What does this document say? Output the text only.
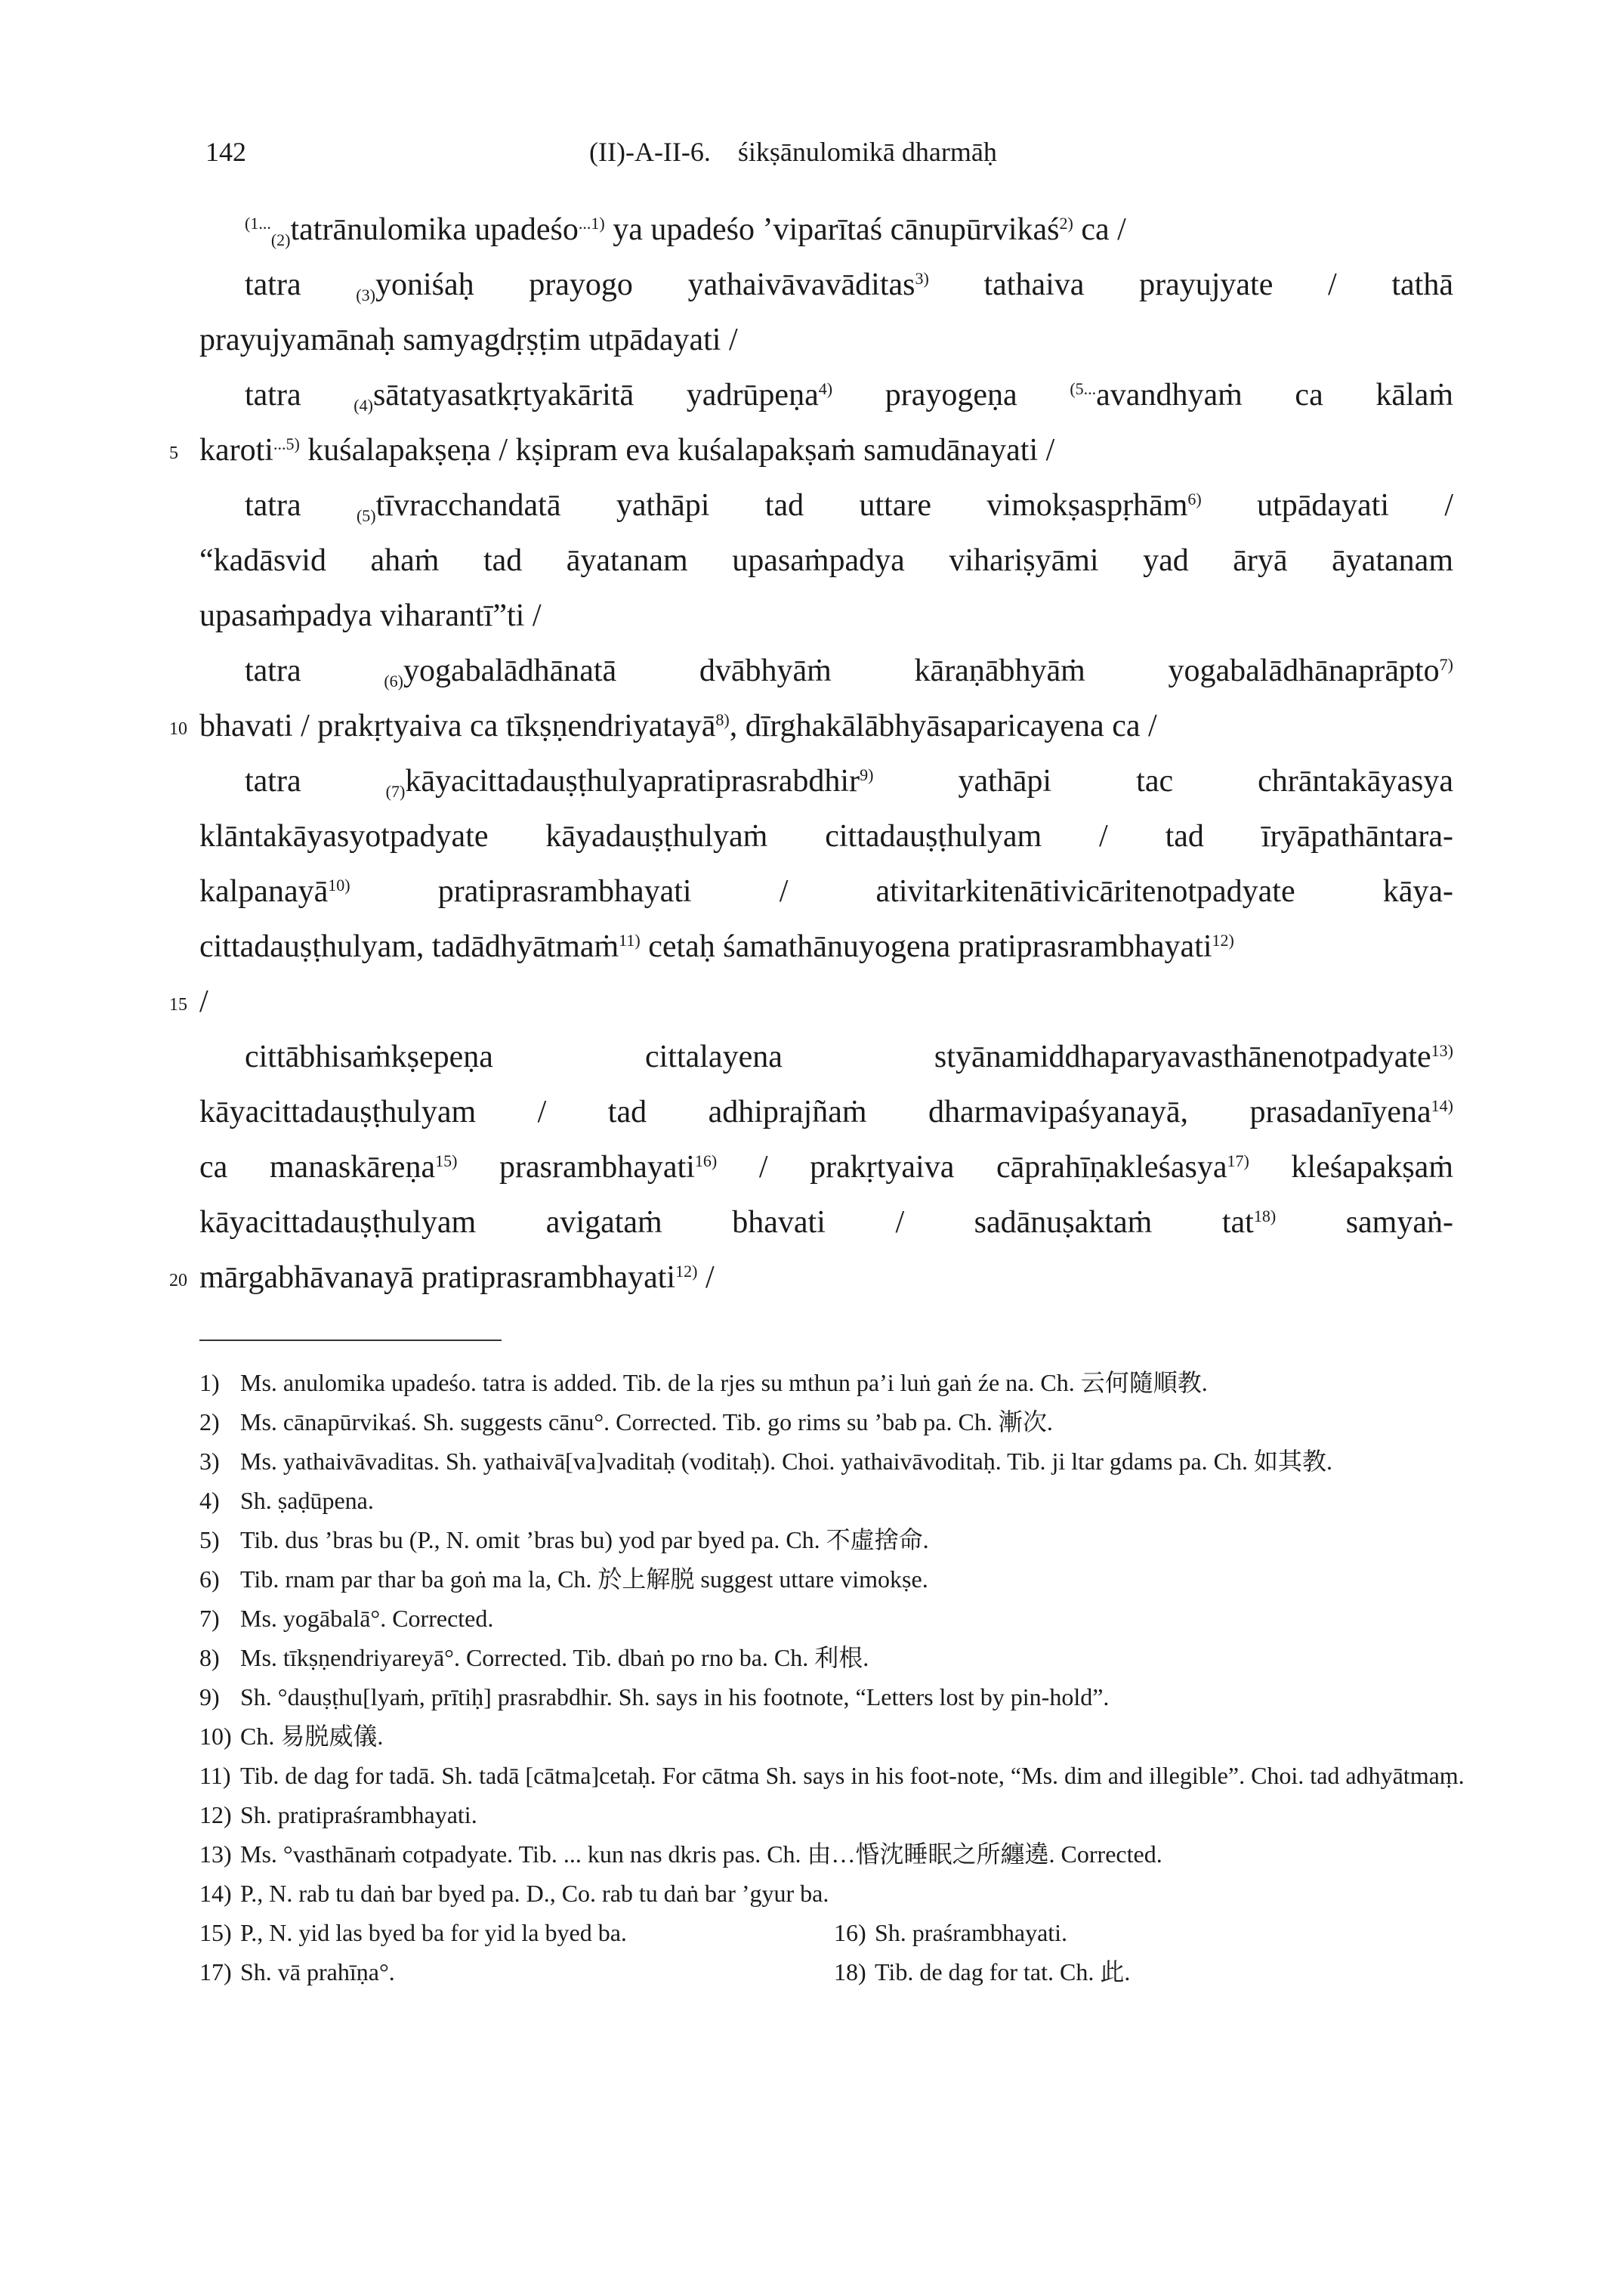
142	(II)-A-II-6.    śikṣānulomikā dharmāḥ
$^{(1...}_{(2)}$tatrānulomika upadeśo$^{...1)}$ ya upadeśo ’viparītaś cānupūrvikaś$^{2)}$ ca /
tatra $_{(3)}$yoniśaḥ prayogo yathaivāvavāditas$^{3)}$ tathaiva prayujyate / tathā
prayujyamānaḥ samyagdṛṣṭim utpādayati /
tatra $_{(4)}$sātatyasatkṛtyakāritā yadrūpeṇa$^{4)}$ prayogeṇa $^{(5...}$avandhyaṁ ca kālaṁ
5 karoti$^{...5)}$ kuśalapakṣeṇa / kṣipram eva kuśalapakṣaṁ samudānayati /
tatra $_{(5)}$tīvracchandatā yathāpi tad uttare vimokṣaspṛhām$^{6)}$ utpādayati /
“kadāsvid ahaṁ tad āyatanam upasaṁpadya vihariṣyāmi yad āryā āyatanam
upasaṁpadya viharantī”ti /
tatra $_{(6)}$yogabalādhānatā dvābhyāṁ kāraṇābhyāṁ yogabalādhānaprāpto$^{7)}$
10 bhavati / prakṛtyaiva ca tīkṣṇendriyatayā$^{8)}$, dīrghakālābhyāsaparicayena ca /
tatra $_{(7)}$kāyacittadauṣṭhulyapratiprasrabdhir$^{9)}$ yathāpi tac chrāntakāyasya
klāntakāyasyotpadyate kāyadauṣṭhulyaṁ cittadauṣṭhulyam / tad īryāpathāntara-
kalpanayā$^{10)}$ pratiprasrambhayati / ativitarkitenātivicāritenotpadyate kāya-
cittadauṣṭhulyam, tadādhyātmaṁ$^{11)}$ cetaḥ śamathānuyogena pratiprasrambhayati$^{12)}$
15 /
cittābhisaṁkṣepeṇa cittalayena styānamiddhaparyavasthānenotpadyate$^{13)}$
kāyacittadauṣṭhulyam / tad adhiprajñaṁ dharmavipaśyanayā, prasadanīyena$^{14)}$
ca manaskāreṇa$^{15)}$ prasrambhayati$^{16)}$ / prakṛtyaiva cāprahīṇakleśasya$^{17)}$ kleśapakṣaṁ
kāyacittadauṣṭhulyam avigataṁ bhavati / sadānuṣaktaṁ tat$^{18)}$ samyaṅ-
20 mārgabhāvanayā pratiprasrambhayati$^{12)}$ /
1) Ms. anulomika upadeśo. tatra is added. Tib. de la rjes su mthun pa’i luṅ gaṅ źe na. Ch. 云何隨順教.
2) Ms. cānapūrvikaś. Sh. suggests cānu°. Corrected. Tib. go rims su ’bab pa. Ch. 漸次.
3) Ms. yathaivāvaditas. Sh. yathaivā[va]vaditaḥ (voditaḥ). Choi. yathaivāvoditaḥ. Tib. ji ltar gdams pa. Ch. 如其教.
4) Sh. ṣaḍūpena.
5) Tib. dus ’bras bu (P., N. omit ’bras bu) yod par byed pa. Ch. 不虛捨命.
6) Tib. rnam par thar ba goṅ ma la, Ch. 於上解脱 suggest uttare vimokṣe.
7) Ms. yogābalā°. Corrected.
8) Ms. tīkṣṇendriyareyā°. Corrected. Tib. dbaṅ po rno ba. Ch. 利根.
9) Sh. °dauṣṭhu[lyaṁ, prītiḥ] prasrabdhir. Sh. says in his footnote, “Letters lost by pin-hold”.
10) Ch. 易脱威儀.
11) Tib. de dag for tadā. Sh. tadā [cātma]cetaḥ. For cātma Sh. says in his foot-note, “Ms. dim and illegible”. Choi. tad adhyātmaṃ.
12) Sh. pratipraśrambhayati.
13) Ms. °vasthānaṁ cotpadyate. Tib. ... kun nas dkris pas. Ch. 由…惛沈睡眠之所纏遶. Corrected.
14) P., N. rab tu daṅ bar byed pa. D., Co. rab tu daṅ bar ’gyur ba.
15) P., N. yid las byed ba for yid la byed ba.	16) Sh. praśrambhayati.
17) Sh. vā prahīṇa°.	18) Tib. de dag for tat. Ch. 此.
